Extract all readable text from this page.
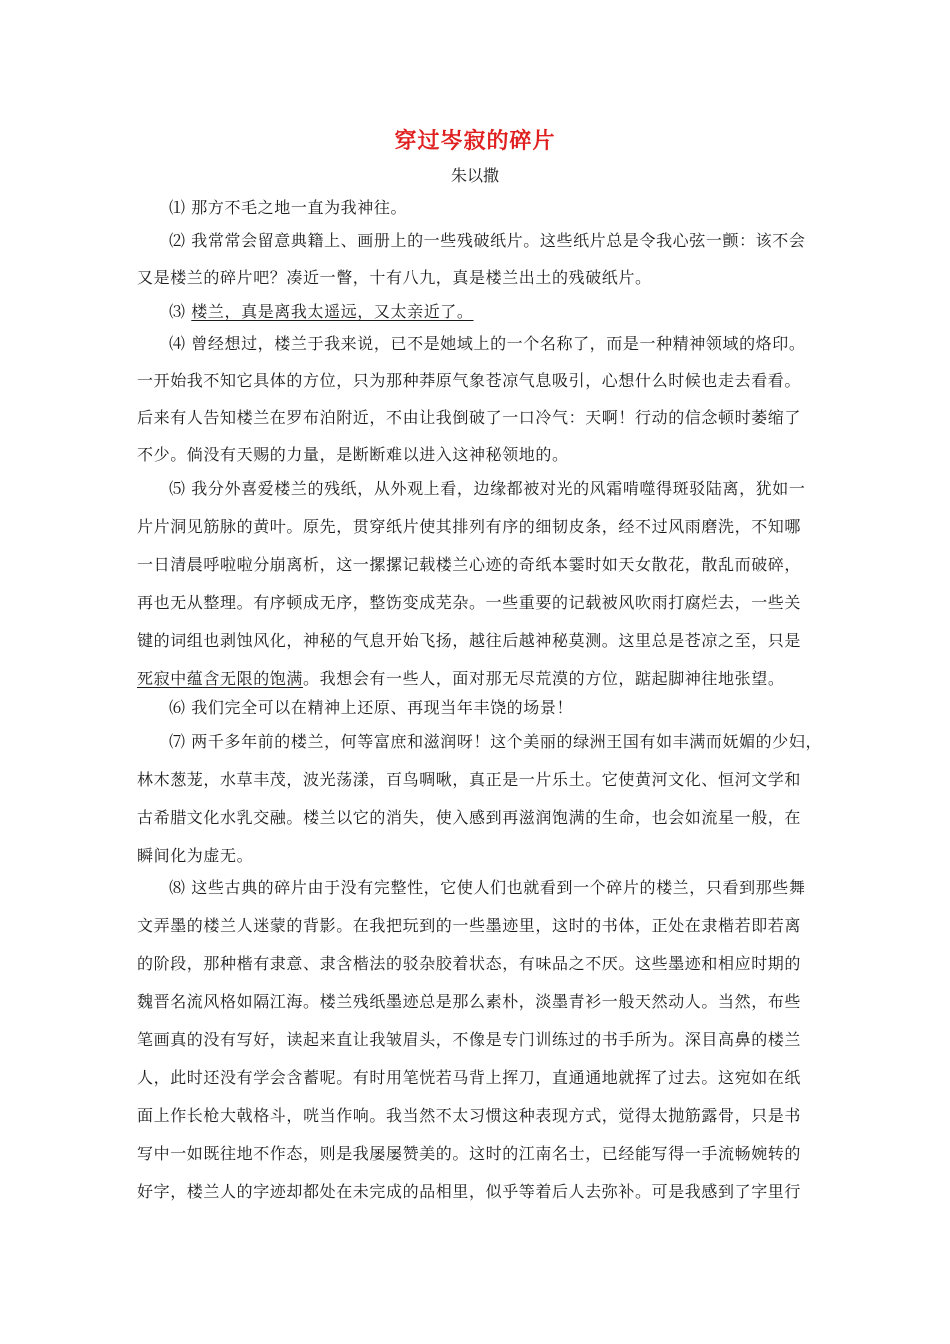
穿过岑寂的碎片
朱以撒
⑴ 那方不毛之地一直为我神往。
⑵ 我常常会留意典籍上、画册上的一些残破纸片。这些纸片总是令我心弦一颤：该不会
又是楼兰的碎片吧？凑近一瞥，十有八九，真是楼兰出土的残破纸片。
⑶ 楼兰，真是离我太遥远，又太亲近了。
⑷ 曾经想过，楼兰于我来说，已不是她域上的一个名称了，而是一种精神领域的烙印。
一开始我不知它具体的方位，只为那种莽原气象苍凉气息吸引，心想什么时候也走去看看。
后来有人告知楼兰在罗布泊附近，不由让我倒破了一口冷气：天啊！行动的信念顿时萎缩了
不少。倘没有天赐的力量，是断断难以进入这神秘领地的。
⑸ 我分外喜爱楼兰的残纸，从外观上看，边缘都被对光的风霜啃噬得斑驳陆离，犹如一
片片洞见筋脉的黄叶。原先，贯穿纸片使其排列有序的细韧皮条，经不过风雨磨洗，不知哪
一日清晨呼啦啦分崩离析，这一摞摞记载楼兰心迹的奇纸本霎时如天女散花，散乱而破碎，
再也无从整理。有序顿成无序，整饬变成芜杂。一些重要的记载被风吹雨打腐烂去，一些关
键的词组也剥蚀风化，神秘的气息开始飞扬，越往后越神秘莫测。这里总是苍凉之至，只是
死寂中蕴含无限的饱满。我想会有一些人，面对那无尽荒漠的方位，踮起脚神往地张望。
⑹ 我们完全可以在精神上还原、再现当年丰饶的场景！
⑺ 两千多年前的楼兰，何等富庶和滋润呀！这个美丽的绿洲王国有如丰满而妩媚的少妇，
林木葱茏，水草丰茂，波光荡漾，百鸟啁啾，真正是一片乐土。它使黄河文化、恒河文学和
古希腊文化水乳交融。楼兰以它的消失，使入感到再滋润饱满的生命，也会如流星一般，在
瞬间化为虚无。
⑻ 这些古典的碎片由于没有完整性，它使人们也就看到一个碎片的楼兰，只看到那些舞
文弄墨的楼兰人迷蒙的背影。在我把玩到的一些墨迹里，这时的书体，正处在隶楷若即若离
的阶段，那种楷有隶意、隶含楷法的驳杂胶着状态，有味品之不厌。这些墨迹和相应时期的
魏晋名流风格如隔江海。楼兰残纸墨迹总是那么素朴，淡墨青衫一般天然动人。当然，布些
笔画真的没有写好，读起来直让我皱眉头，不像是专门训练过的书手所为。深目高鼻的楼兰
人，此时还没有学会含蓄呢。有时用笔恍若马背上挥刀，直通通地就挥了过去。这宛如在纸
面上作长枪大戟格斗，咣当作响。我当然不太习惯这种表现方式，觉得太抛筋露骨，只是书
写中一如既往地不作态，则是我屡屡赞美的。这时的江南名士，已经能写得一手流畅婉转的
好字，楼兰人的字迹却都处在未完成的品相里，似乎等着后人去弥补。可是我感到了字里行
